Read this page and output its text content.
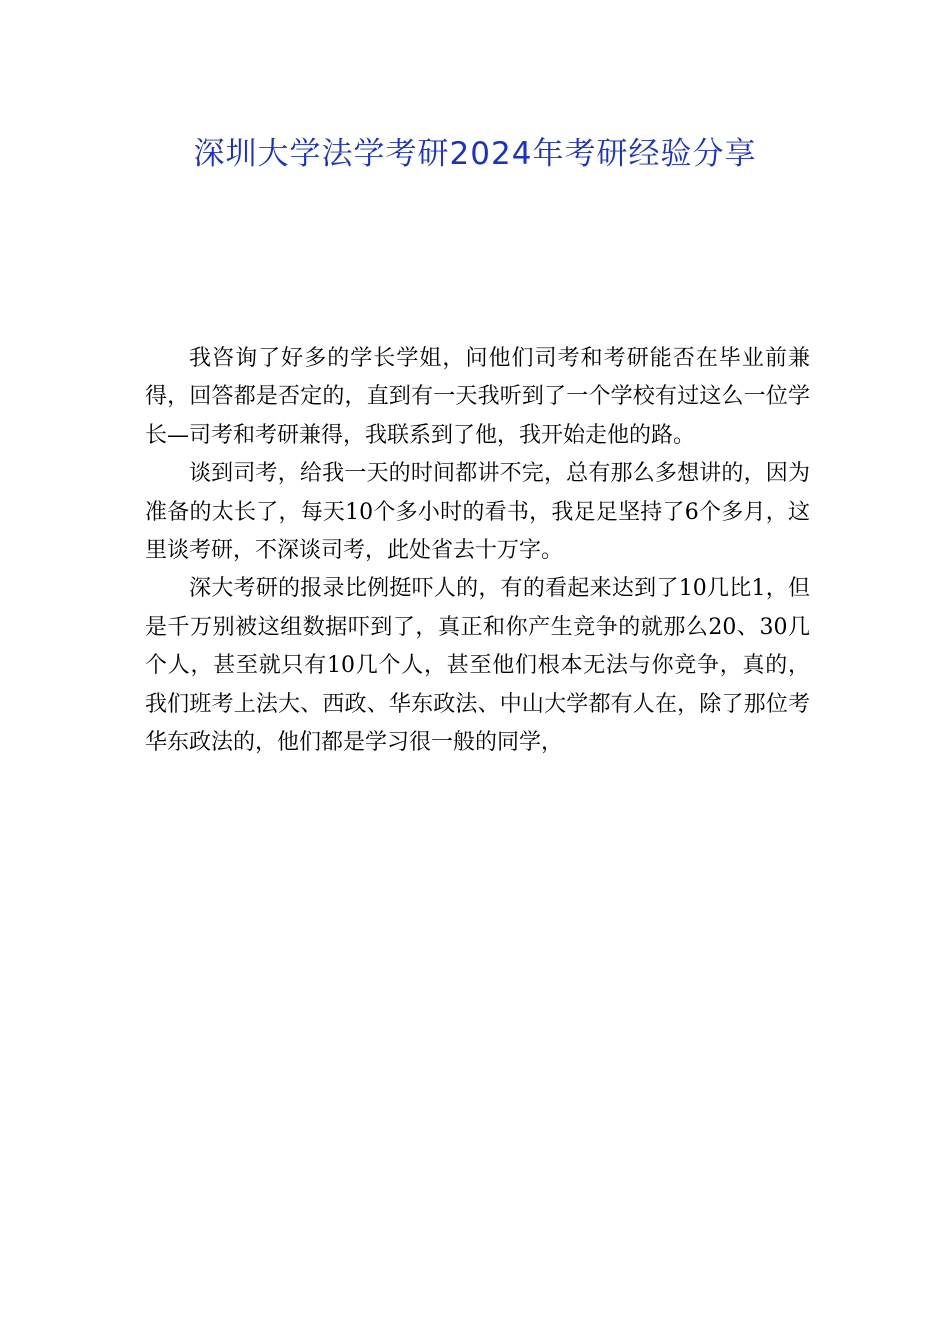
深圳大学法学考研2024年考研经验分享

我咨询了好多的学长学姐，问他们司考和考研能否在毕业前兼得，回答都是否定的，直到有一天我听到了一个学校有过这么一位学长—司考和考研兼得，我联系到了他，我开始走他的路。

谈到司考，给我一天的时间都讲不完，总有那么多想讲的，因为准备的太长了，每天10个多小时的看书，我足足坚持了6个多月，这里谈考研，不深谈司考，此处省去十万字。

深大考研的报录比例挺吓人的，有的看起来达到了10几比1，但是千万别被这组数据吓到了，真正和你产生竞争的就那么20、30几个人，甚至就只有10几个人，甚至他们根本无法与你竞争，真的，我们班考上法大、西政、华东政法、中山大学都有人在，除了那位考华东政法的，他们都是学习很一般的同学，
